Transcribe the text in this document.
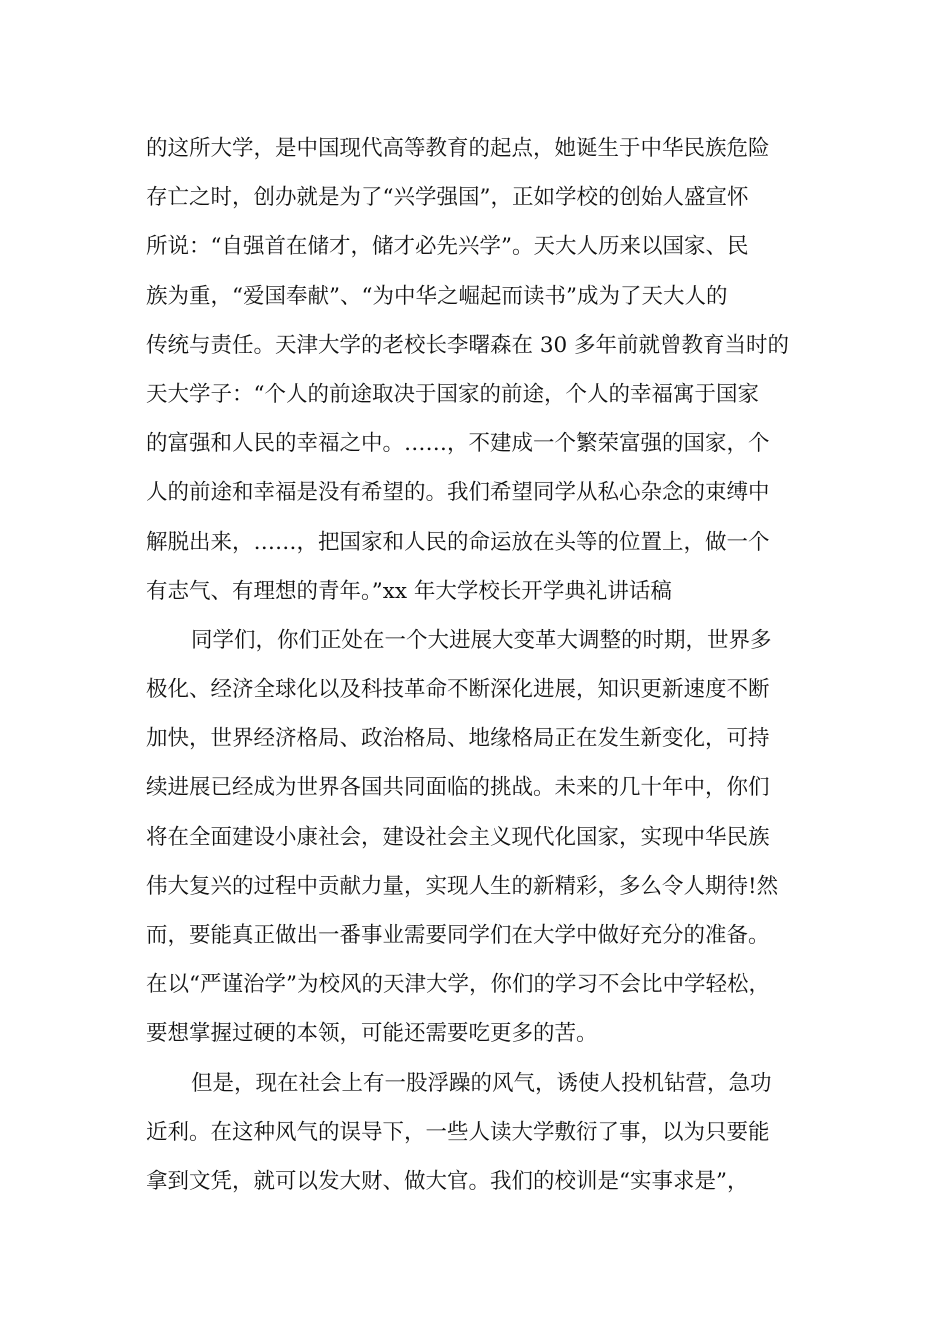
的这所大学，是中国现代高等教育的起点，她诞生于中华民族危险
存亡之时，创办就是为了“兴学强国”，正如学校的创始人盛宣怀
所说：“自强首在储才，储才必先兴学”。天大人历来以国家、民
族为重，“爱国奉献”、“为中华之崛起而读书”成为了天大人的
传统与责任。天津大学的老校长李曙森在 30 多年前就曾教育当时的
天大学子：“个人的前途取决于国家的前途，个人的幸福寓于国家
的富强和人民的幸福之中。……，不建成一个繁荣富强的国家，个
人的前途和幸福是没有希望的。我们希望同学从私心杂念的束缚中
解脱出来，……，把国家和人民的命运放在头等的位置上，做一个
有志气、有理想的青年。”xx 年大学校长开学典礼讲话稿
同学们，你们正处在一个大进展大变革大调整的时期，世界多
极化、经济全球化以及科技革命不断深化进展，知识更新速度不断
加快，世界经济格局、政治格局、地缘格局正在发生新变化，可持
续进展已经成为世界各国共同面临的挑战。未来的几十年中，你们
将在全面建设小康社会，建设社会主义现代化国家，实现中华民族
伟大复兴的过程中贡献力量，实现人生的新精彩，多么令人期待!然
而，要能真正做出一番事业需要同学们在大学中做好充分的准备。
在以“严谨治学”为校风的天津大学，你们的学习不会比中学轻松，
要想掌握过硬的本领，可能还需要吃更多的苦。
但是，现在社会上有一股浮躁的风气，诱使人投机钻营，急功
近利。在这种风气的误导下，一些人读大学敷衍了事，以为只要能
拿到文凭，就可以发大财、做大官。我们的校训是“实事求是”，
